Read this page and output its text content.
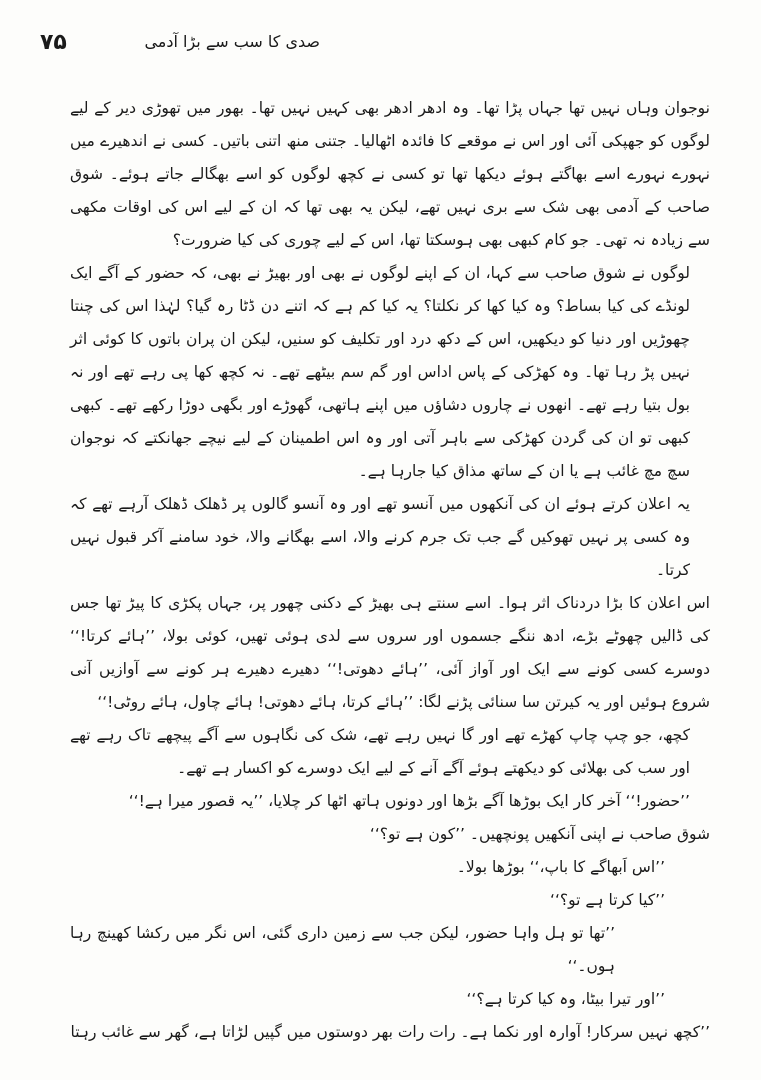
۷۵	صدی کا سب سے بڑا آدمی

نوجوان وہاں نہیں تھا جہاں پڑا تھا۔ وہ ادھر ادھر بھی کہیں نہیں تھا۔ بھور میں تھوڑی دیر کے لیے لوگوں کو جھپکی آئی اور اس نے موقعے کا فائدہ اٹھالیا۔ جتنی منھ اتنی باتیں۔ کسی نے اندھیرے میں نہورے نہورے اسے بھاگتے ہوئے دیکھا تھا تو کسی نے کچھ لوگوں کو اسے بھگالے جاتے ہوئے۔ شوق صاحب کے آدمی بھی شک سے بری نہیں تھے، لیکن یہ بھی تھا کہ ان کے لیے اس کی اوقات مکھی سے زیادہ نہ تھی۔ جو کام کبھی بھی ہوسکتا تھا، اس کے لیے چوری کی کیا ضرورت؟

لوگوں نے شوق صاحب سے کہا، ان کے اپنے لوگوں نے بھی اور بھیڑ نے بھی، کہ حضور کے آگے ایک لونڈے کی کیا بساط؟ وہ کیا کھا کر نکلتا؟ یہ کیا کم ہے کہ اتنے دن ڈٹا رہ گیا؟ لہٰذا اس کی چنتا چھوڑیں اور دنیا کو دیکھیں، اس کے دکھ درد اور تکلیف کو سنیں، لیکن ان پران باتوں کا کوئی اثر نہیں پڑ رہا تھا۔ وہ کھڑکی کے پاس اداس اور گم سم بیٹھے تھے۔ نہ کچھ کھا پی رہے تھے اور نہ بول بتیا رہے تھے۔ انھوں نے چاروں دشاؤں میں اپنے ہاتھی، گھوڑے اور بگھی دوڑا رکھے تھے۔ کبھی کبھی تو ان کی گردن کھڑکی سے باہر آتی اور وہ اس اطمینان کے لیے نیچے جھانکتے کہ نوجوان سچ مچ غائب ہے یا ان کے ساتھ مذاق کیا جارہا ہے۔

یہ اعلان کرتے ہوئے ان کی آنکھوں میں آنسو تھے اور وہ آنسو گالوں پر ڈھلک ڈھلک آرہے تھے کہ وہ کسی پر نہیں تھوکیں گے جب تک جرم کرنے والا، اسے بھگانے والا، خود سامنے آکر قبول نہیں کرتا۔

اس اعلان کا بڑا دردناک اثر ہوا۔ اسے سنتے ہی بھیڑ کے دکنی چھور پر، جہاں پکڑی کا پیڑ تھا جس کی ڈالیں چھوٹے بڑے، ادھ ننگے جسموں اور سروں سے لدی ہوئی تھیں، کوئی بولا، ’’ہائے کرتا!‘‘ دوسرے کسی کونے سے ایک اور آواز آئی، ’’ہائے دھوتی!‘‘ دھیرے دھیرے ہر کونے سے آوازیں آنی شروع ہوئیں اور یہ کیرتن سا سنائی پڑنے لگا: ’’ہائے کرتا، ہائے دھوتی! ہائے چاول، ہائے روٹی!‘‘

کچھ، جو چپ چاپ کھڑے تھے اور گا نہیں رہے تھے، شک کی نگاہوں سے آگے پیچھے تاک رہے تھے اور سب کی بھلائی کو دیکھتے ہوئے آگے آنے کے لیے ایک دوسرے کو اکسار ہے تھے۔

’’حضور!‘‘ آخر کار ایک بوڑھا آگے بڑھا اور دونوں ہاتھ اٹھا کر چلایا، ’’یہ قصور میرا ہے!‘‘

شوق صاحب نے اپنی آنکھیں پونچھیں۔ ’’کون ہے تو؟‘‘

’’اس اَبھاگے کا باپ،‘‘ بوڑھا بولا۔

’’کیا کرتا ہے تو؟‘‘

’’تھا تو ہل واہا حضور، لیکن جب سے زمین داری گئی، اس نگر میں رکشا کھینچ رہا ہوں۔‘‘

’’اور تیرا بیٹا، وہ کیا کرتا ہے؟‘‘

’’کچھ نہیں سرکار! آوارہ اور نکما ہے۔ رات رات بھر دوستوں میں گپیں لڑاتا ہے، گھر سے غائب رہتا
